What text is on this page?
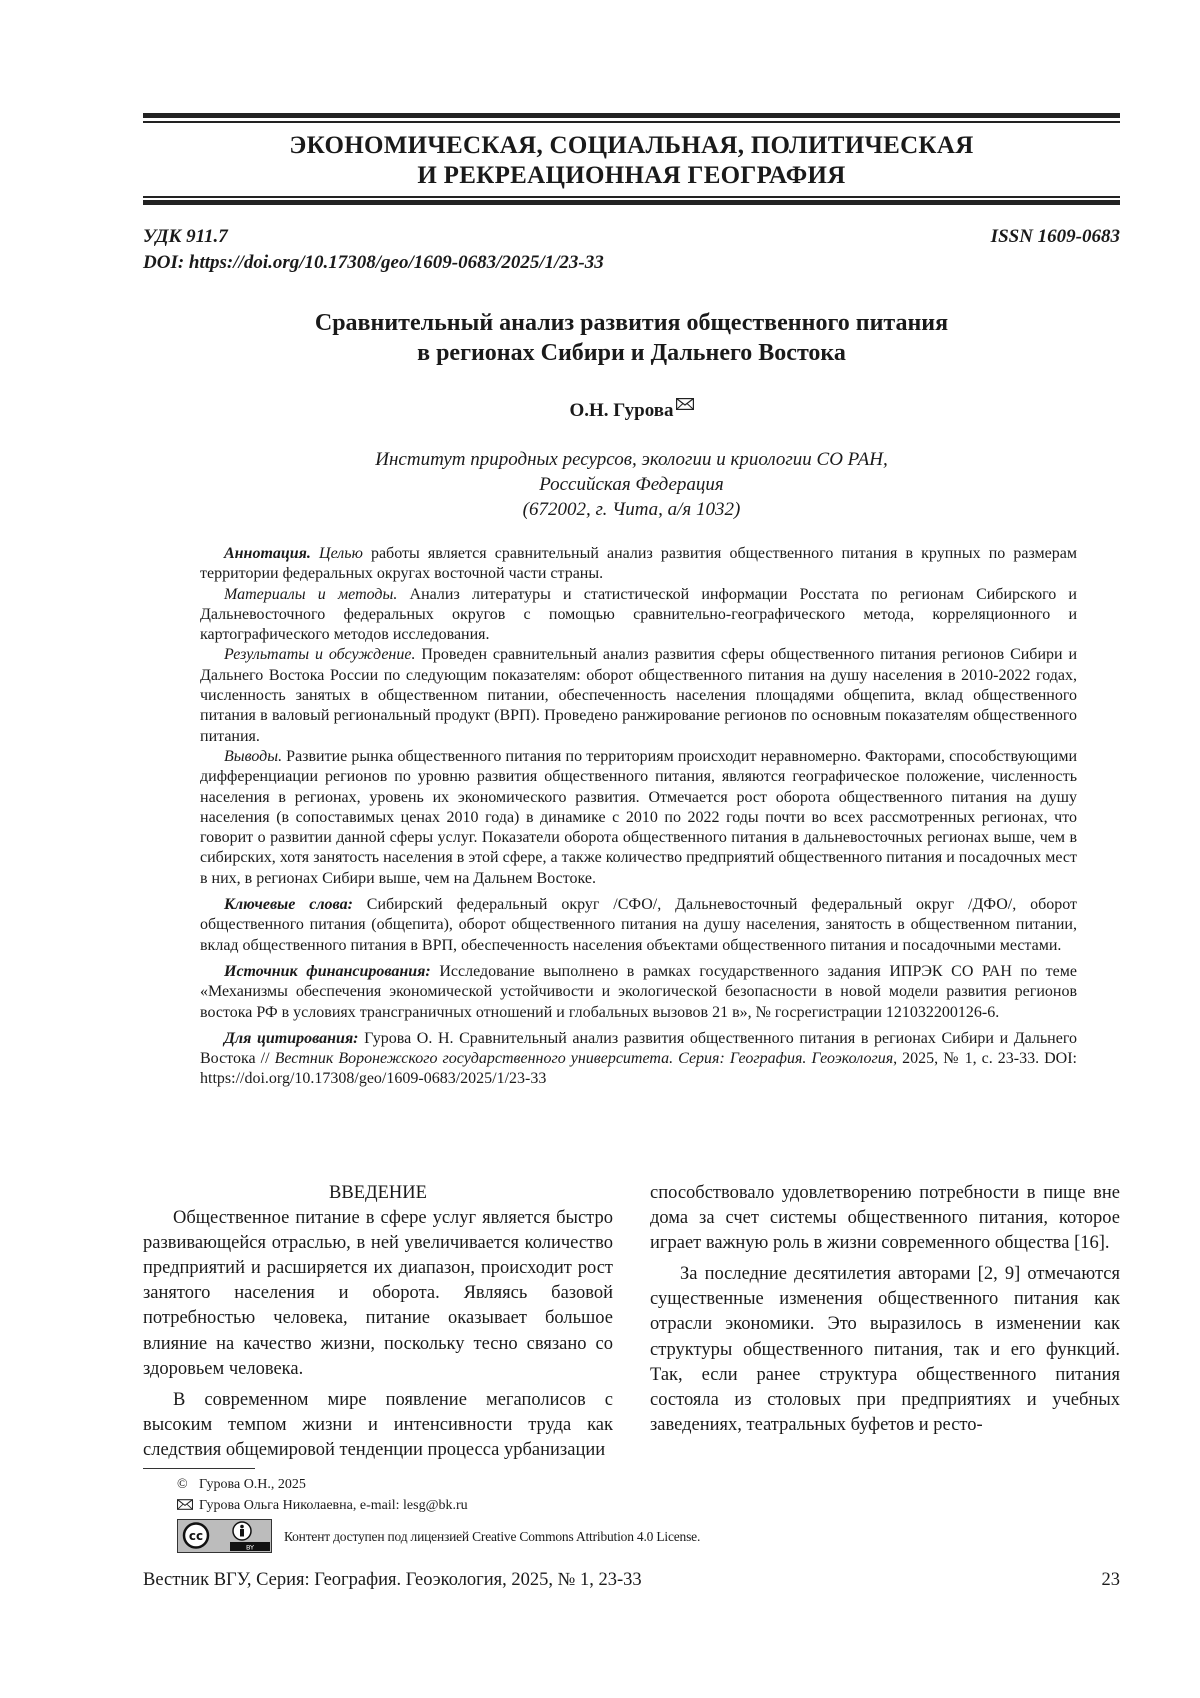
ЭКОНОМИЧЕСКАЯ, СОЦИАЛЬНАЯ, ПОЛИТИЧЕСКАЯ
И РЕКРЕАЦИОННАЯ ГЕОГРАФИЯ
УДК 911.7	ISSN 1609-0683
DOI: https://doi.org/10.17308/geo/1609-0683/2025/1/23-33
Сравнительный анализ развития общественного питания
в регионах Сибири и Дальнего Востока
О.Н. Гурова
Институт природных ресурсов, экологии и криологии СО РАН,
Российская Федерация
(672002, г. Чита, а/я 1032)

Аннотация. Целью работы является сравнительный анализ развития общественного питания в крупных по размерам территории федеральных округах восточной части страны.

Материалы и методы. Анализ литературы и статистической информации Росстата по регионам Сибирского и Дальневосточного федеральных округов с помощью сравнительно-географического метода, корреляционного и картографического методов исследования.

Результаты и обсуждение. Проведен сравнительный анализ развития сферы общественного питания регионов Сибири и Дальнего Востока России по следующим показателям: оборот общественного питания на душу населения в 2010-2022 годах, численность занятых в общественном питании, обеспеченность населения площадями общепита, вклад общественного питания в валовый региональный продукт (ВРП). Проведено ранжирование регионов по основным показателям общественного питания.

Выводы. Развитие рынка общественного питания по территориям происходит неравномерно. Факторами, способствующими дифференциации регионов по уровню развития общественного питания, являются географическое положение, численность населения в регионах, уровень их экономического развития. Отмечается рост оборота общественного питания на душу населения (в сопоставимых ценах 2010 года) в динамике с 2010 по 2022 годы почти во всех рассмотренных регионах, что говорит о развитии данной сферы услуг. Показатели оборота общественного питания в дальневосточных регионах выше, чем в сибирских, хотя занятость населения в этой сфере, а также количество предприятий общественного питания и посадочных мест в них, в регионах Сибири выше, чем на Дальнем Востоке.

Ключевые слова: Сибирский федеральный округ /СФО/, Дальневосточный федеральный округ /ДФО/, оборот общественного питания (общепита), оборот общественного питания на душу населения, занятость в общественном питании, вклад общественного питания в ВРП, обеспеченность населения объектами общественного питания и посадочными местами.

Источник финансирования: Исследование выполнено в рамках государственного задания ИПРЭК СО РАН по теме «Механизмы обеспечения экономической устойчивости и экологической безопасности в новой модели развития регионов востока РФ в условиях трансграничных отношений и глобальных вызовов 21 в», № госрегистрации 121032200126-6.

Для цитирования: Гурова О. Н. Сравнительный анализ развития общественного питания в регионах Сибири и Дальнего Востока // Вестник Воронежского государственного университета. Серия: География. Геоэкология, 2025, № 1, с. 23-33. DOI: https://doi.org/10.17308/geo/1609-0683/2025/1/23-33

ВВЕДЕНИЕ

Общественное питание в сфере услуг является быстро развивающейся отраслью, в ней увеличивается количество предприятий и расширяется их диапазон, происходит рост занятого населения и оборота. Являясь базовой потребностью человека, питание оказывает большое влияние на качество жизни, поскольку тесно связано со здоровьем человека.

В современном мире появление мегаполисов с высоким темпом жизни и интенсивности труда как следствия общемировой тенденции процесса урбанизации

способствовало удовлетворению потребности в пище вне дома за счет системы общественного питания, которое играет важную роль в жизни современного общества [16].

За последние десятилетия авторами [2, 9] отмечаются существенные изменения общественного питания как отрасли экономики. Это выразилось в изменении как структуры общественного питания, так и его функций. Так, если ранее структура общественного питания состояла из столовых при предприятиях и учебных заведениях, театральных буфетов и ресто-

© Гурова О.Н., 2025
Гурова Ольга Николаевна, e-mail: lesg@bk.ru
cc
BY
Контент доступен под лицензией Creative Commons Attribution 4.0 License.
Вестник ВГУ, Серия: География. Геоэкология, 2025, № 1, 23-33	23
